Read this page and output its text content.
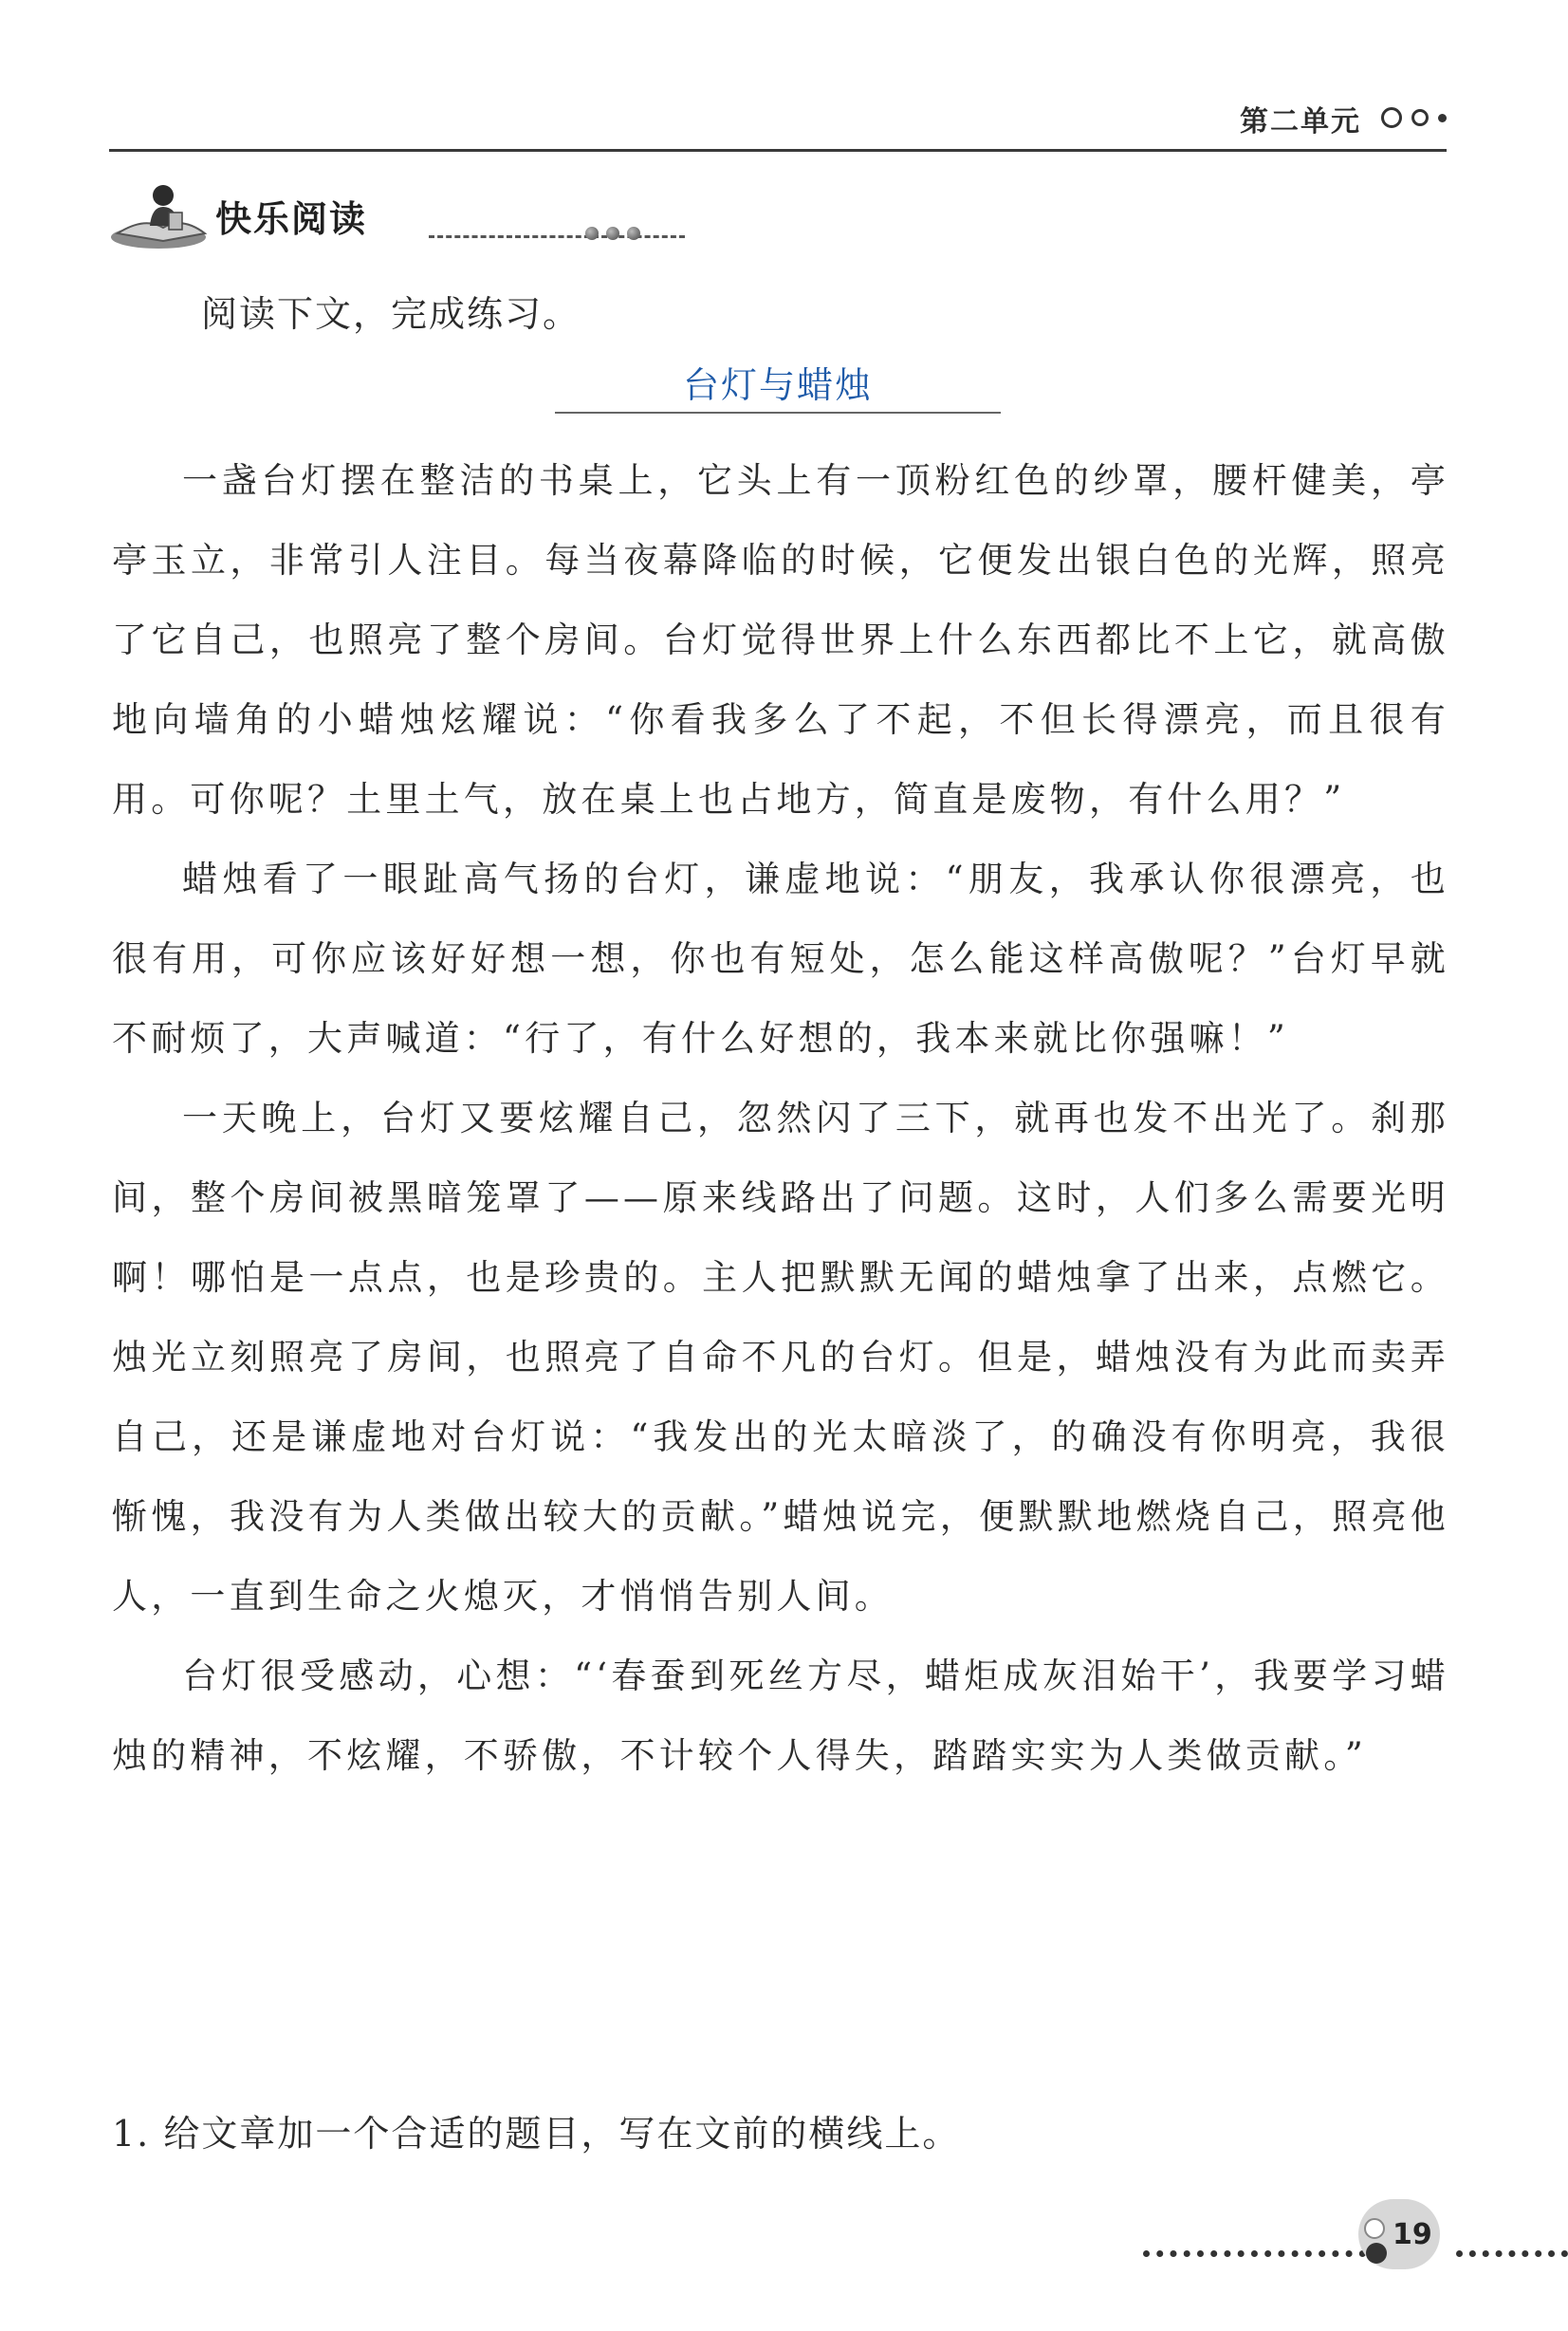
第二单元
快乐阅读
阅读下文，完成练习。
台灯与蜡烛

一盏台灯摆在整洁的书桌上，它头上有一顶粉红色的纱罩，腰杆健美，亭亭玉立，非常引人注目。每当夜幕降临的时候，它便发出银白色的光辉，照亮了它自己，也照亮了整个房间。台灯觉得世界上什么东西都比不上它，就高傲地向墙角的小蜡烛炫耀说：“你看我多么了不起，不但长得漂亮，而且很有用。可你呢？土里土气，放在桌上也占地方，简直是废物，有什么用？”

蜡烛看了一眼趾高气扬的台灯，谦虚地说：“朋友，我承认你很漂亮，也很有用，可你应该好好想一想，你也有短处，怎么能这样高傲呢？”台灯早就不耐烦了，大声喊道：“行了，有什么好想的，我本来就比你强嘛！”

一天晚上，台灯又要炫耀自己，忽然闪了三下，就再也发不出光了。刹那间，整个房间被黑暗笼罩了——原来线路出了问题。这时，人们多么需要光明啊！哪怕是一点点，也是珍贵的。主人把默默无闻的蜡烛拿了出来，点燃它。烛光立刻照亮了房间，也照亮了自命不凡的台灯。但是，蜡烛没有为此而卖弄自己，还是谦虚地对台灯说：“我发出的光太暗淡了，的确没有你明亮，我很惭愧，我没有为人类做出较大的贡献。”蜡烛说完，便默默地燃烧自己，照亮他人，一直到生命之火熄灭，才悄悄告别人间。

台灯很受感动，心想：“‘春蚕到死丝方尽，蜡炬成灰泪始干’，我要学习蜡烛的精神，不炫耀，不骄傲，不计较个人得失，踏踏实实为人类做贡献。”

1. 给文章加一个合适的题目，写在文前的横线上。
19
